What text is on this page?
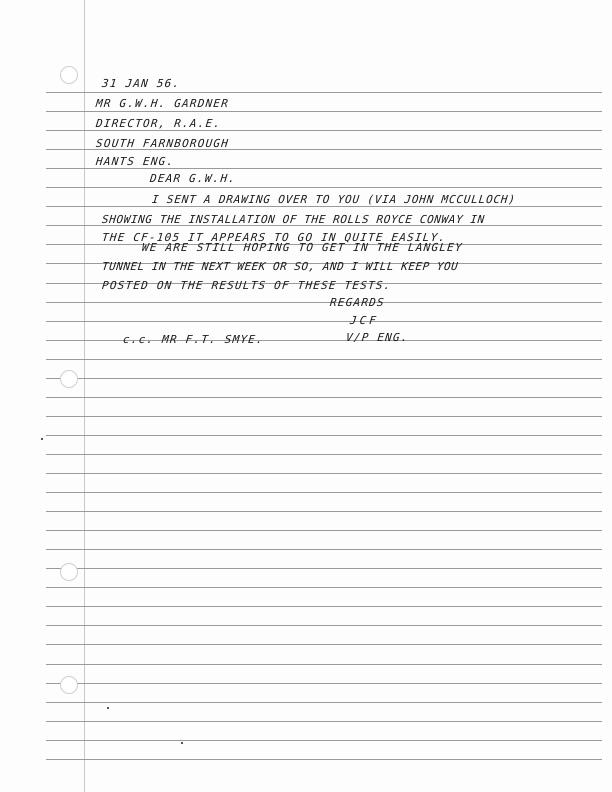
31 JAN 56.
MR G.W.H. GARDNER
DIRECTOR, R.A.E.
SOUTH FARNBOROUGH
HANTS ENG.
DEAR G.W.H.
I SENT A DRAWING OVER TO YOU (VIA JOHN MCCULLOCH)
SHOWING THE INSTALLATION OF THE ROLLS ROYCE CONWAY IN
THE CF-105 IT APPEARS TO GO IN QUITE EASILY.
WE ARE STILL HOPING TO GET IN THE LANGLEY
TUNNEL IN THE NEXT WEEK OR SO, AND I WILL KEEP YOU
POSTED ON THE RESULTS OF THESE TESTS.
REGARDS
JCF
c.c. MR F.T. SMYE.	V/P ENG.
